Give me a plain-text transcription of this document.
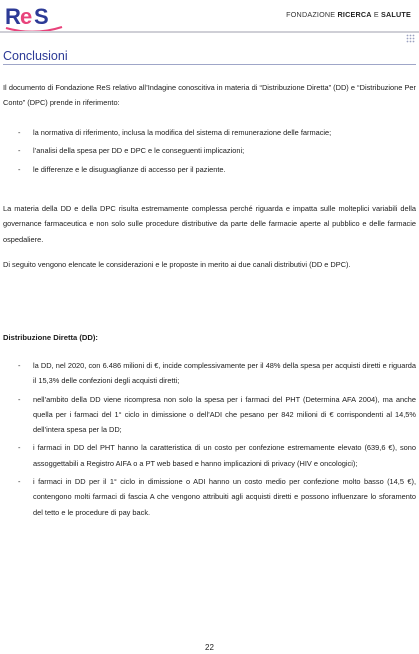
R e S	FONDAZIONE RICERCA E SALUTE
Conclusioni

Il documento di Fondazione ReS relativo all’Indagine conoscitiva in materia di “Distribuzione Diretta” (DD) e “Distribuzione Per Conto” (DPC) prende in riferimento:

- la normativa di riferimento, inclusa la modifica del sistema di remunerazione delle farmacie;
- l’analisi della spesa per DD e DPC e le conseguenti implicazioni;
- le differenze e le disuguaglianze di accesso per il paziente.

La materia della DD e della DPC risulta estremamente complessa perché riguarda e impatta sulle molteplici variabili della governance farmaceutica e non solo sulle procedure distributive da parte delle farmacie aperte al pubblico e delle farmacie ospedaliere.

Di seguito vengono elencate le considerazioni e le proposte in merito ai due canali distributivi (DD e DPC).

Distribuzione Diretta (DD):
- la DD, nel 2020, con 6.486 milioni di €, incide complessivamente per il 48% della spesa per acquisti diretti e riguarda il 15,3% delle confezioni degli acquisti diretti;
- nell’ambito della DD viene ricompresa non solo la spesa per i farmaci del PHT (Determina AFA 2004), ma anche quella per i farmaci del 1° ciclo in dimissione o dell’ADI che pesano per 842 milioni di € corrispondenti al 14,5% dell’intera spesa per la DD;
- i farmaci in DD del PHT hanno la caratteristica di un costo per confezione estremamente elevato (639,6 €), sono assoggettabili a Registro AIFA o a PT web based e hanno implicazioni di privacy (HIV e oncologici);
- i farmaci in DD per il 1° ciclo in dimissione o ADI hanno un costo medio per confezione molto basso (14,5 €), contengono molti farmaci di fascia A che vengono attribuiti agli acquisti diretti e possono influenzare lo sforamento del tetto e le procedure di pay back.
22
